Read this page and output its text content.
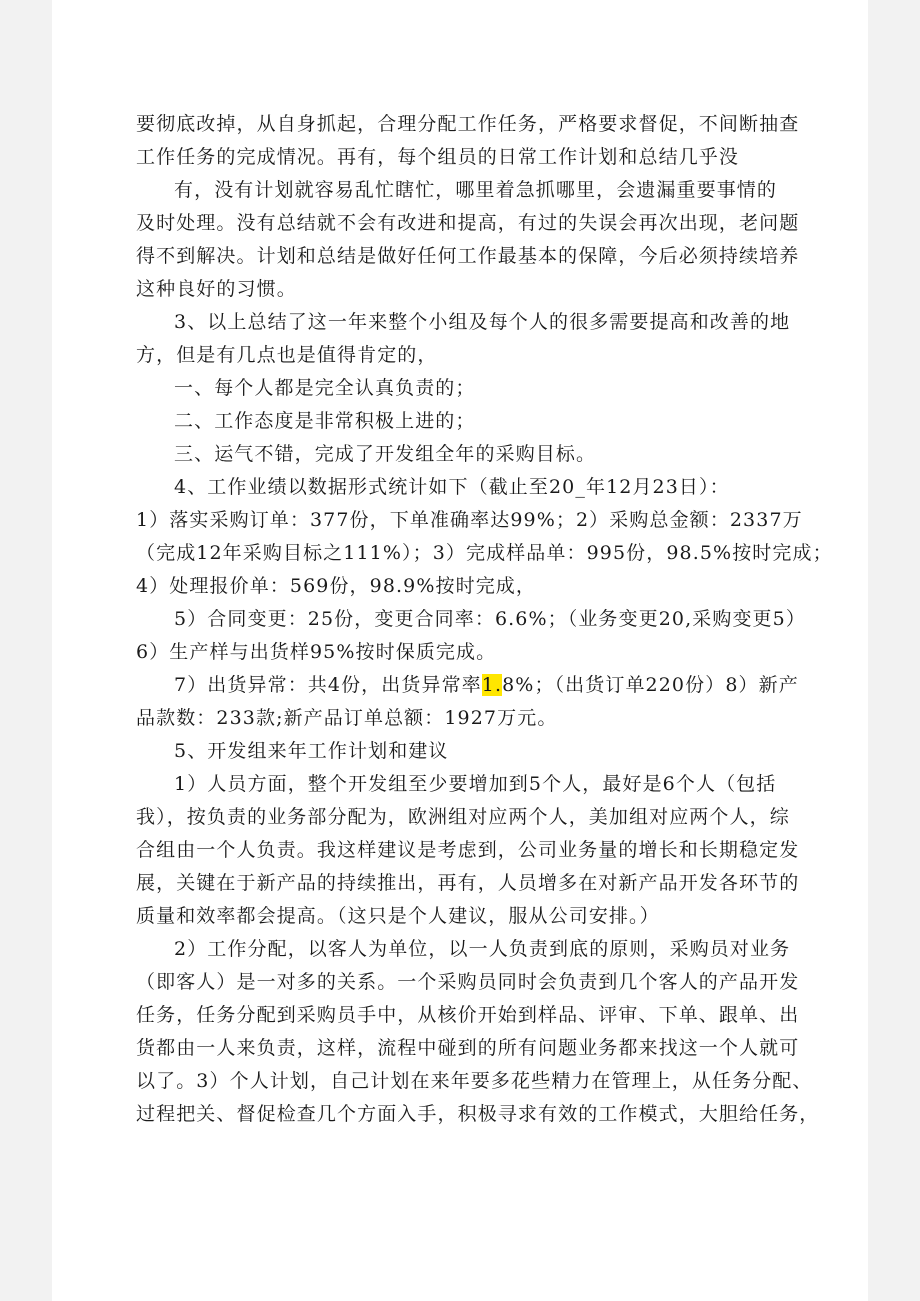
要彻底改掉，从自身抓起，合理分配工作任务，严格要求督促，不间断抽查
工作任务的完成情况。再有，每个组员的日常工作计划和总结几乎没
有，没有计划就容易乱忙瞎忙，哪里着急抓哪里，会遗漏重要事情的
及时处理。没有总结就不会有改进和提高，有过的失误会再次出现，老问题
得不到解决。计划和总结是做好任何工作最基本的保障，今后必须持续培养
这种良好的习惯。
3、以上总结了这一年来整个小组及每个人的很多需要提高和改善的地
方，但是有几点也是值得肯定的，
一、每个人都是完全认真负责的；
二、工作态度是非常积极上进的；
三、运气不错，完成了开发组全年的采购目标。
4、工作业绩以数据形式统计如下（截止至20_年12月23日）：
1）落实采购订单：377份，下单准确率达99%；2）采购总金额：2337万
（完成12年采购目标之111%）；3）完成样品单：995份，98.5%按时完成；
4）处理报价单：569份，98.9%按时完成，
5）合同变更：25份，变更合同率：6.6%；（业务变更20,采购变更5）
6）生产样与出货样95%按时保质完成。
7）出货异常：共4份，出货异常率1.8%；（出货订单220份）8）新产
品款数：233款;新产品订单总额：1927万元。
5、开发组来年工作计划和建议
1）人员方面，整个开发组至少要增加到5个人，最好是6个人（包括
我），按负责的业务部分配为，欧洲组对应两个人，美加组对应两个人，综
合组由一个人负责。我这样建议是考虑到，公司业务量的增长和长期稳定发
展，关键在于新产品的持续推出，再有，人员增多在对新产品开发各环节的
质量和效率都会提高。（这只是个人建议，服从公司安排。）
2）工作分配，以客人为单位，以一人负责到底的原则，采购员对业务
（即客人）是一对多的关系。一个采购员同时会负责到几个客人的产品开发
任务，任务分配到采购员手中，从核价开始到样品、评审、下单、跟单、出
货都由一人来负责，这样，流程中碰到的所有问题业务都来找这一个人就可
以了。3）个人计划，自己计划在来年要多花些精力在管理上，从任务分配、
过程把关、督促检查几个方面入手，积极寻求有效的工作模式，大胆给任务，
